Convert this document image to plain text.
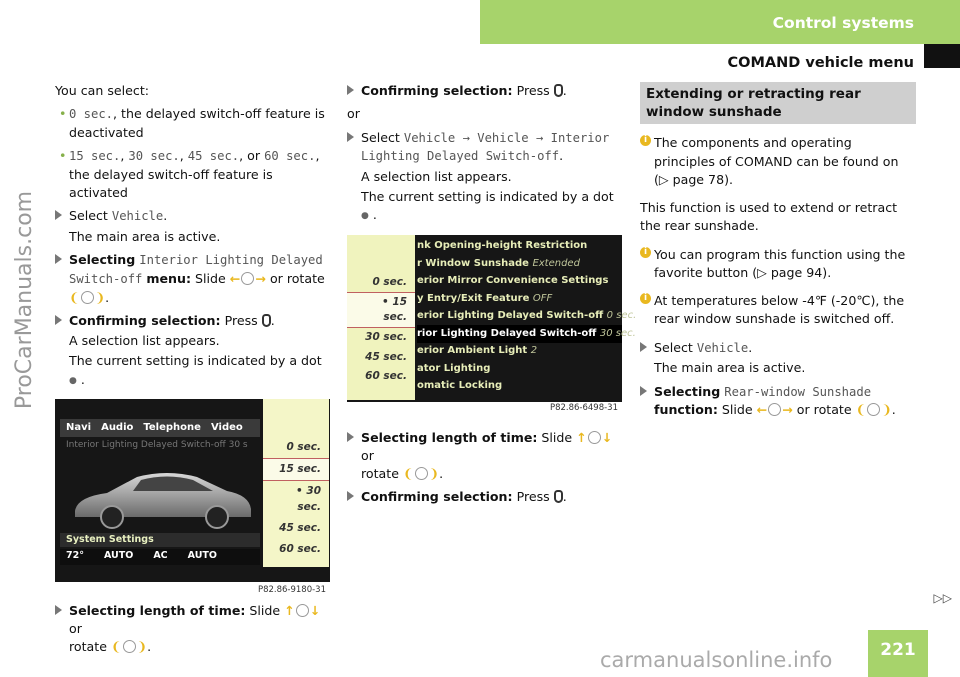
Control systems
COMAND vehicle menu
ProCarManuals.com

You can select:

• 0 sec., the delayed switch-off feature is deactivated
• 15 sec., 30 sec., 45 sec., or 60 sec., the delayed switch-off feature is activated
Select Vehicle.
The main area is active.
Selecting Interior Lighting Delayed Switch-off menu: Slide ← → or rotate ❨ ❩.
Confirming selection: Press .
A selection list appears.
The current setting is indicated by a dot ● .
Navi Audio Telephone Video
Interior Lighting Delayed Switch-off 30 s
System Settings
72° AUTO AC AUTO
0 sec.
15 sec.
• 30 sec.
45 sec.
60 sec.
P82.86-9180-31
Selecting length of time: Slide ↑ ↓ or
rotate ❨ ❩.
Confirming selection: Press .

or

Select Vehicle → Vehicle → Interior Lighting Delayed Switch-off.
A selection list appears.
The current setting is indicated by a dot ● .
0 sec.
• 15 sec.
30 sec.
45 sec.
60 sec.
nk Opening-height Restriction
r Window Sunshade Extended
erior Mirror Convenience Settings
y Entry/Exit Feature OFF
erior Lighting Delayed Switch-off 0 sec.
rior Lighting Delayed Switch-off 30 sec.
erior Ambient Light 2
ator Lighting
omatic Locking
P82.86-6498-31
Selecting length of time: Slide ↑ ↓ or
rotate ❨ ❩.
Confirming selection: Press .
Extending or retracting rear window sunshade
i The components and operating principles of COMAND can be found on (▷ page 78).

This function is used to extend or retract the rear sunshade.

i You can program this function using the favorite button (▷ page 94).
i At temperatures below -4℉ (-20℃), the rear window sunshade is switched off.
Select Vehicle.
The main area is active.
Selecting Rear-window Sunshade
function: Slide ← → or rotate ❨ ❩.
▷▷
221
carmanualsonline.info
